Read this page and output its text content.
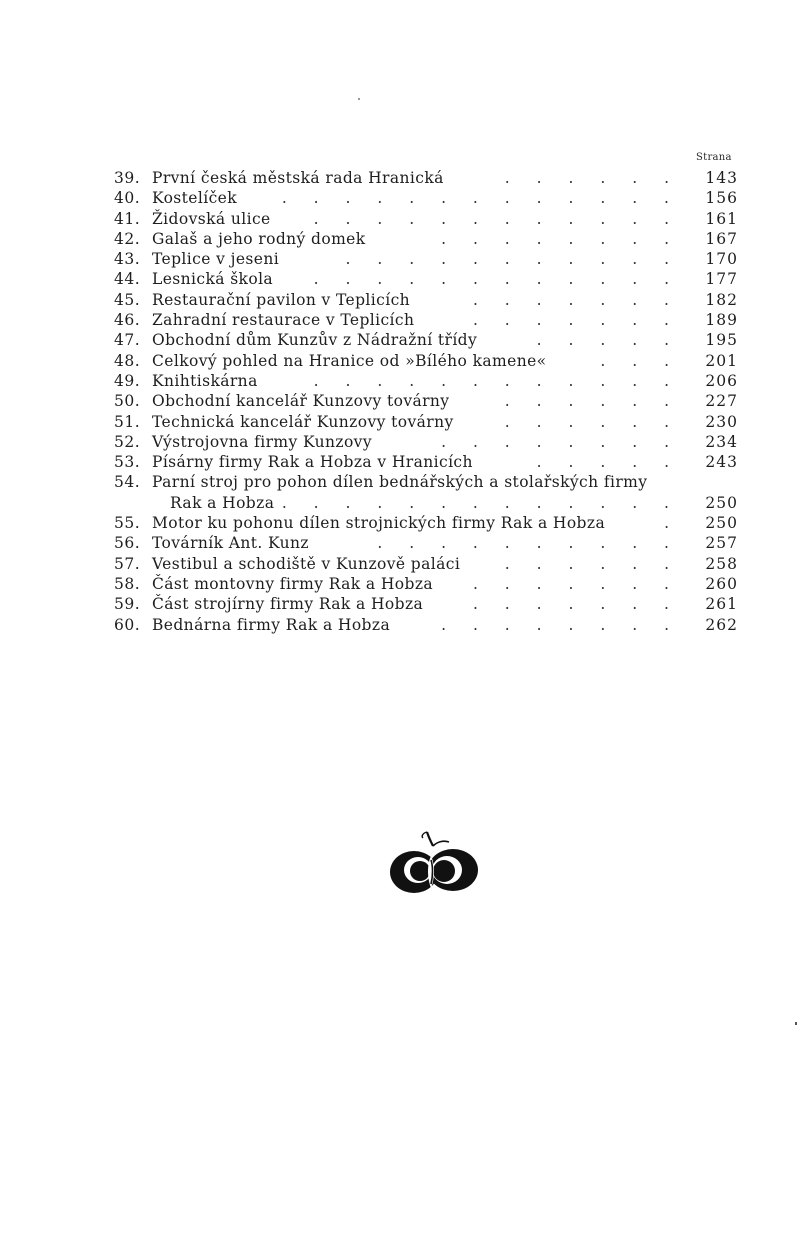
Strana
39. První česká městská rada Hranická	. . . . . .	143
40. Kostelíček	. . . . . . . . . . . . .	156
41. Židovská ulice	. . . . . . . . . . . .	161
42. Galaš a jeho rodný domek	. . . . . . . .	167
43. Teplice v jeseni	. . . . . . . . . . .	170
44. Lesnická škola	. . . . . . . . . . . .	177
45. Restaurační pavilon v Teplicích	. . . . . . .	182
46. Zahradní restaurace v Teplicích	. . . . . . .	189
47. Obchodní dům Kunzův z Nádražní třídy	. . . . .	195
48. Celkový pohled na Hranice od »Bílého kamene«	. . .	201
49. Knihtiskárna	. . . . . . . . . . . .	206
50. Obchodní kancelář Kunzovy továrny	. . . . . .	227
51. Technická kancelář Kunzovy továrny	. . . . . .	230
52. Výstrojovna firmy Kunzovy	. . . . . . . .	234
53. Písárny firmy Rak a Hobza v Hranicích	. . . . .	243
54. Parní stroj pro pohon dílen bednářských a stolařských firmy
Rak a Hobza . . . . . . . . . . . . .	250
55. Motor ku pohonu dílen strojnických firmy Rak a Hobza	.	250
56. Továrník Ant. Kunz	. . . . . . . . . .	257
57. Vestibul a schodiště v Kunzově paláci	. . . . . .	258
58. Část montovny firmy Rak a Hobza	. . . . . . .	260
59. Část strojírny firmy Rak a Hobza	. . . . . . .	261
60. Bednárna firmy Rak a Hobza	. . . . . . . .	262
